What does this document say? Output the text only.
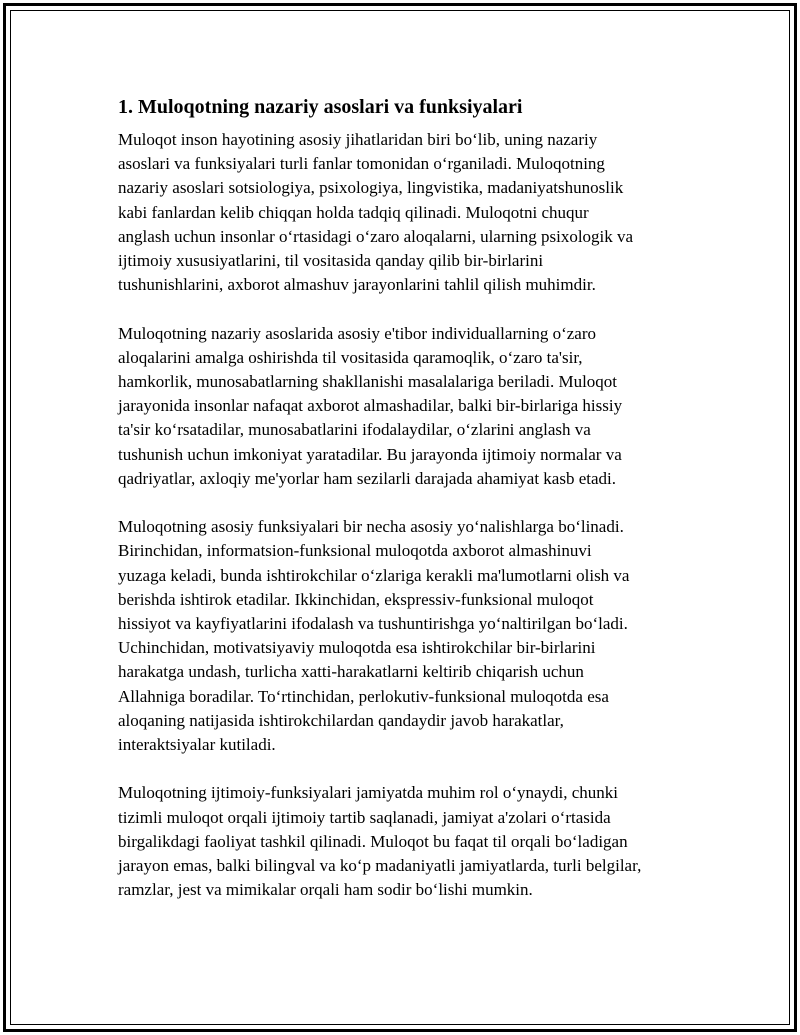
1. Muloqotning nazariy asoslari va funksiyalari
Muloqot inson hayotining asosiy jihatlaridan biri bo‘lib, uning nazariy
asoslari va funksiyalari turli fanlar tomonidan o‘rganiladi. Muloqotning
nazariy asoslari sotsiologiya, psixologiya, lingvistika, madaniyatshunoslik
kabi fanlardan kelib chiqqan holda tadqiq qilinadi. Muloqotni chuqur
anglash uchun insonlar o‘rtasidagi o‘zaro aloqalarni, ularning psixologik va
ijtimoiy xususiyatlarini, til vositasida qanday qilib bir-birlarini
tushunishlarini, axborot almashuv jarayonlarini tahlil qilish muhimdir.
Muloqotning nazariy asoslarida asosiy e'tibor individuallarning o‘zaro
aloqalarini amalga oshirishda til vositasida qaramoqlik, o‘zaro ta'sir,
hamkorlik, munosabatlarning shakllanishi masalalariga beriladi. Muloqot
jarayonida insonlar nafaqat axborot almashadilar, balki bir-birlariga hissiy
ta'sir ko‘rsatadilar, munosabatlarini ifodalaydilar, o‘zlarini anglash va
tushunish uchun imkoniyat yaratadilar. Bu jarayonda ijtimoiy normalar va
qadriyatlar, axloqiy me'yorlar ham sezilarli darajada ahamiyat kasb etadi.
Muloqotning asosiy funksiyalari bir necha asosiy yo‘nalishlarga bo‘linadi.
Birinchidan, informatsion-funksional muloqotda axborot almashinuvi
yuzaga keladi, bunda ishtirokchilar o‘zlariga kerakli ma'lumotlarni olish va
berishda ishtirok etadilar. Ikkinchidan, ekspressiv-funksional muloqot
hissiyot va kayfiyatlarini ifodalash va tushuntirishga yo‘naltirilgan bo‘ladi.
Uchinchidan, motivatsiyaviy muloqotda esa ishtirokchilar bir-birlarini
harakatga undash, turlicha xatti-harakatlarni keltirib chiqarish uchun
Allahniga boradilar. To‘rtinchidan, perlokutiv-funksional muloqotda esa
aloqaning natijasida ishtirokchilardan qandaydir javob harakatlar,
interaktsiyalar kutiladi.
Muloqotning ijtimoiy-funksiyalari jamiyatda muhim rol o‘ynaydi, chunki
tizimli muloqot orqali ijtimoiy tartib saqlanadi, jamiyat a'zolari o‘rtasida
birgalikdagi faoliyat tashkil qilinadi. Muloqot bu faqat til orqali bo‘ladigan
jarayon emas, balki bilingval va ko‘p madaniyatli jamiyatlarda, turli belgilar,
ramzlar, jest va mimikalar orqali ham sodir bo‘lishi mumkin.
